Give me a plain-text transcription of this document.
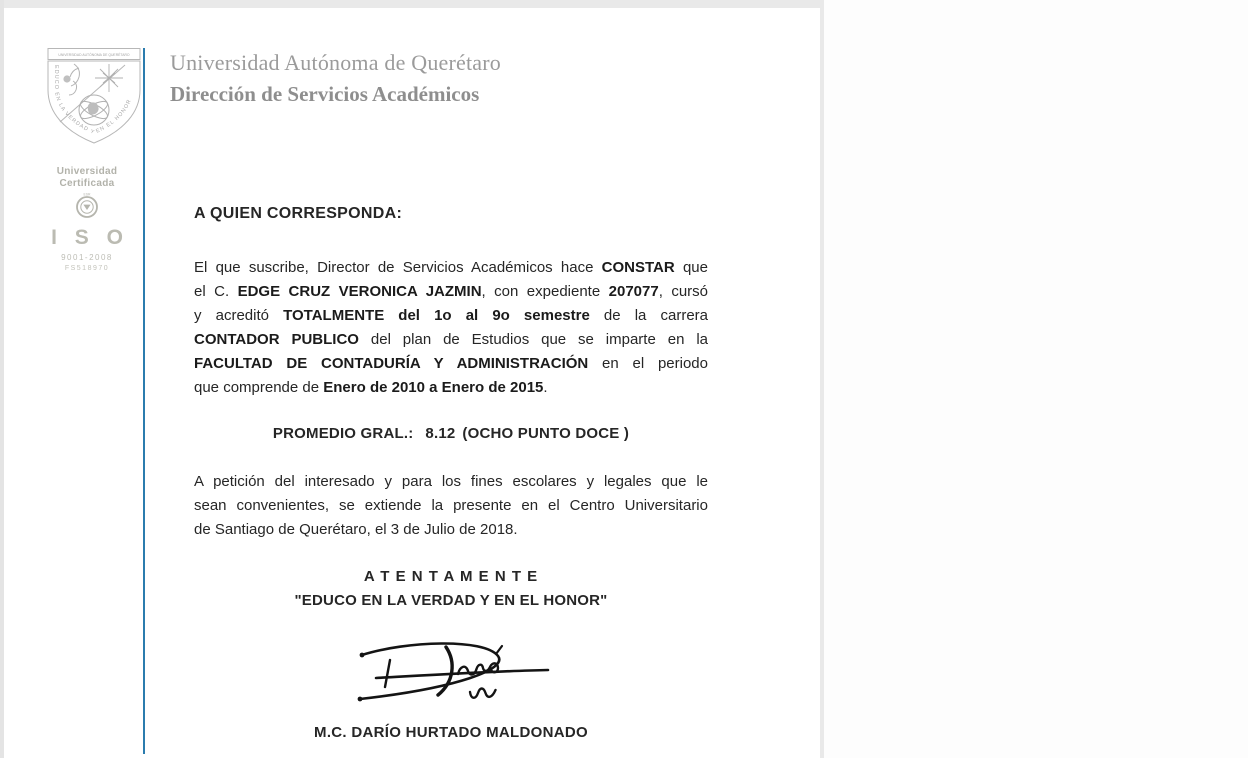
UNIVERSIDAD AUTÓNOMA DE QUERÉTARO
EDUCO EN LA VERDAD Y EN EL HONOR
Universidad
Certificada
ESR
I S O
9001-2008
FS518970
Universidad Autónoma de Querétaro
Dirección de Servicios Académicos
A QUIEN CORRESPONDA:
El que suscribe, Director de Servicios Académicos hace CONSTAR que
el C. EDGE CRUZ VERONICA JAZMIN, con expediente 207077, cursó
y acreditó TOTALMENTE del 1o al 9o semestre de la carrera
CONTADOR PUBLICO del plan de Estudios que se imparte en la
FACULTAD DE CONTADURÍA Y ADMINISTRACIÓN en el periodo
que comprende de Enero de 2010 a Enero de 2015.
PROMEDIO GRAL.: 8.12 (OCHO PUNTO DOCE )
A petición del interesado y para los fines escolares y legales que le
sean convenientes, se extiende la presente en el Centro Universitario
de Santiago de Querétaro, el 3 de Julio de 2018.
A T E N T A M E N T E
"EDUCO EN LA VERDAD Y EN EL HONOR"
M.C. DARÍO HURTADO MALDONADO
